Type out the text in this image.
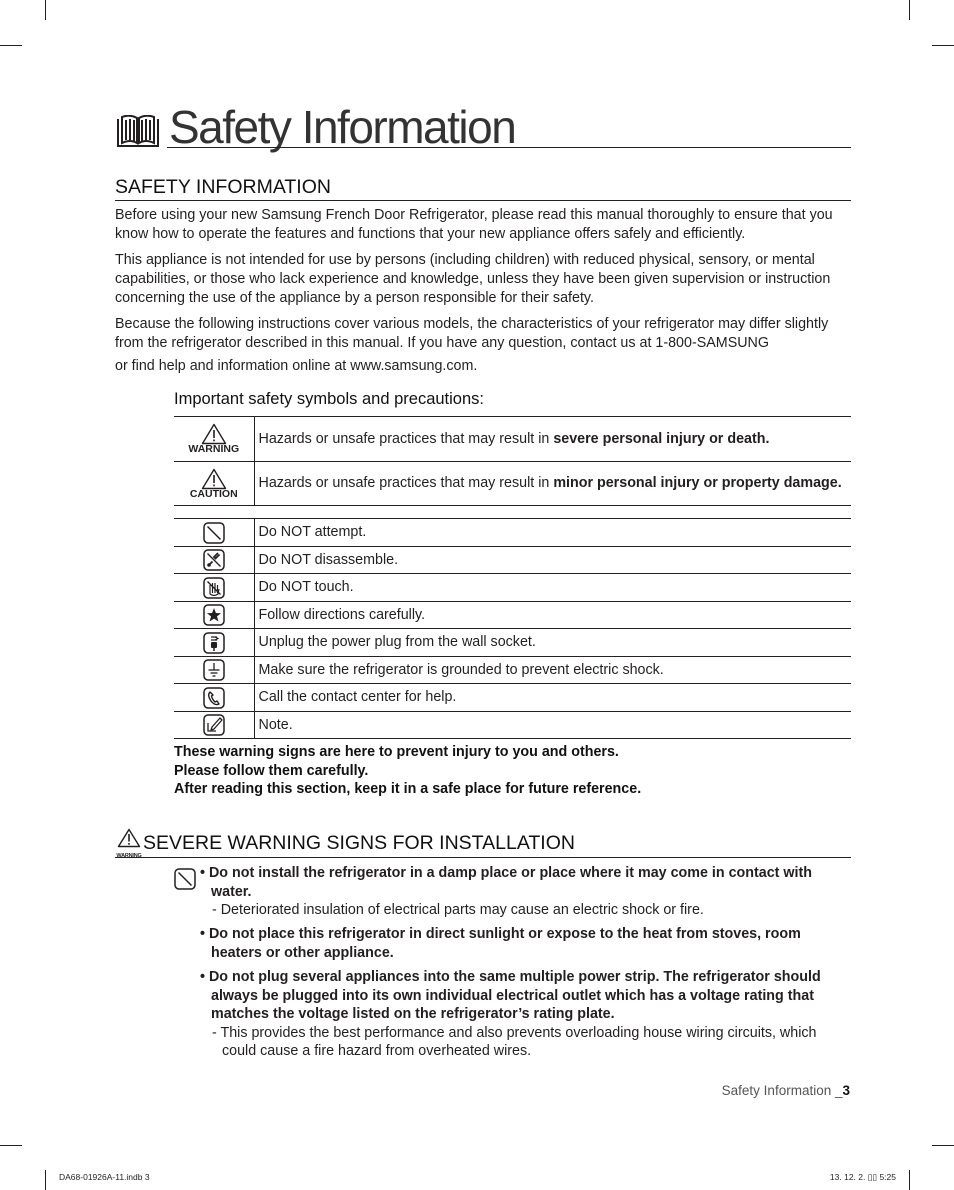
Safety Information
SAFETY INFORMATION

Before using your new Samsung French Door Refrigerator, please read this manual thoroughly to ensure that you know how to operate the features and functions that your new appliance offers safely and efficiently.

This appliance is not intended for use by persons (including children) with reduced physical, sensory, or mental capabilities, or those who lack experience and knowledge, unless they have been given supervision or instruction concerning the use of the appliance by a person responsible for their safety.

Because the following instructions cover various models, the characteristics of your refrigerator may differ slightly from the refrigerator described in this manual. If you have any question, contact us at 1-800-SAMSUNG

or find help and information online at www.samsung.com.

Important safety symbols and precautions:
WARNING	Hazards or unsafe practices that may result in severe personal injury or death.

CAUTION	Hazards or unsafe practices that may result in minor personal injury or property damage.

	Do NOT attempt.

	Do NOT disassemble.

	Do NOT touch.

	Follow directions carefully.

	Unplug the power plug from the wall socket.

	Make sure the refrigerator is grounded to prevent electric shock.

	Call the contact center for help.

	Note.
These warning signs are here to prevent injury to you and others.
Please follow them carefully.
After reading this section, keep it in a safe place for future reference.
WARNING
SEVERE WARNING SIGNS FOR INSTALLATION
• Do not install the refrigerator in a damp place or place where it may come in contact with water.
- Deteriorated insulation of electrical parts may cause an electric shock or fire.
• Do not place this refrigerator in direct sunlight or expose to the heat from stoves, room heaters or other appliance.
• Do not plug several appliances into the same multiple power strip. The refrigerator should always be plugged into its own individual electrical outlet which has a voltage rating that matches the voltage listed on the refrigerator’s rating plate.
- This provides the best performance and also prevents overloading house wiring circuits, which could cause a fire hazard from overheated wires.
Safety Information _3
DA68-01926A-11.indb 3	13. 12. 2. ▯▯ 5:25
